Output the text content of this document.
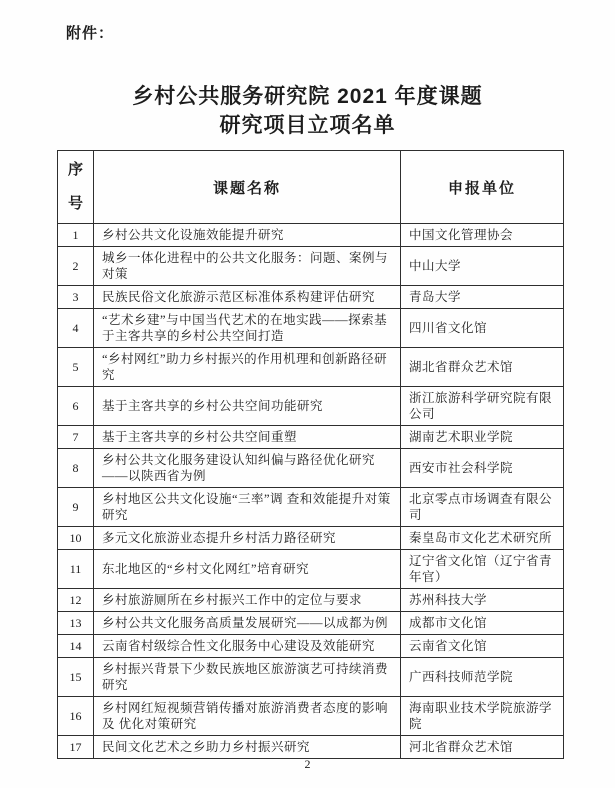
附件：
乡村公共服务研究院 2021 年度课题
研究项目立项名单
序号	课题名称	申报单位
1	乡村公共文化设施效能提升研究	中国文化管理协会
2	城乡一体化进程中的公共文化服务：问题、案例与对策	中山大学
3	民族民俗文化旅游示范区标准体系构建评估研究	青岛大学
4	“艺术乡建”与中国当代艺术的在地实践——探索基于主客共享的乡村公共空间打造	四川省文化馆
5	“乡村网红”助力乡村振兴的作用机理和创新路径研究	湖北省群众艺术馆
6	基于主客共享的乡村公共空间功能研究	浙江旅游科学研究院有限公司
7	基于主客共享的乡村公共空间重塑	湖南艺术职业学院
8	乡村公共文化服务建设认知纠偏与路径优化研究——以陕西省为例	西安市社会科学院
9	乡村地区公共文化设施“三率”调 查和效能提升对策研究	北京零点市场调查有限公司
10	多元文化旅游业态提升乡村活力路径研究	秦皇岛市文化艺术研究所
11	东北地区的“乡村文化网红”培育研究	辽宁省文化馆（辽宁省青年官）
12	乡村旅游厕所在乡村振兴工作中的定位与要求	苏州科技大学
13	乡村公共文化服务高质量发展研究——以成都为例	成都市文化馆
14	云南省村级综合性文化服务中心建设及效能研究	云南省文化馆
15	乡村振兴背景下少数民族地区旅游演艺可持续消费研究	广西科技师范学院
16	乡村网红短视频营销传播对旅游消费者态度的影响及 优化对策研究	海南职业技术学院旅游学院
17	民间文化艺术之乡助力乡村振兴研究	河北省群众艺术馆
2
